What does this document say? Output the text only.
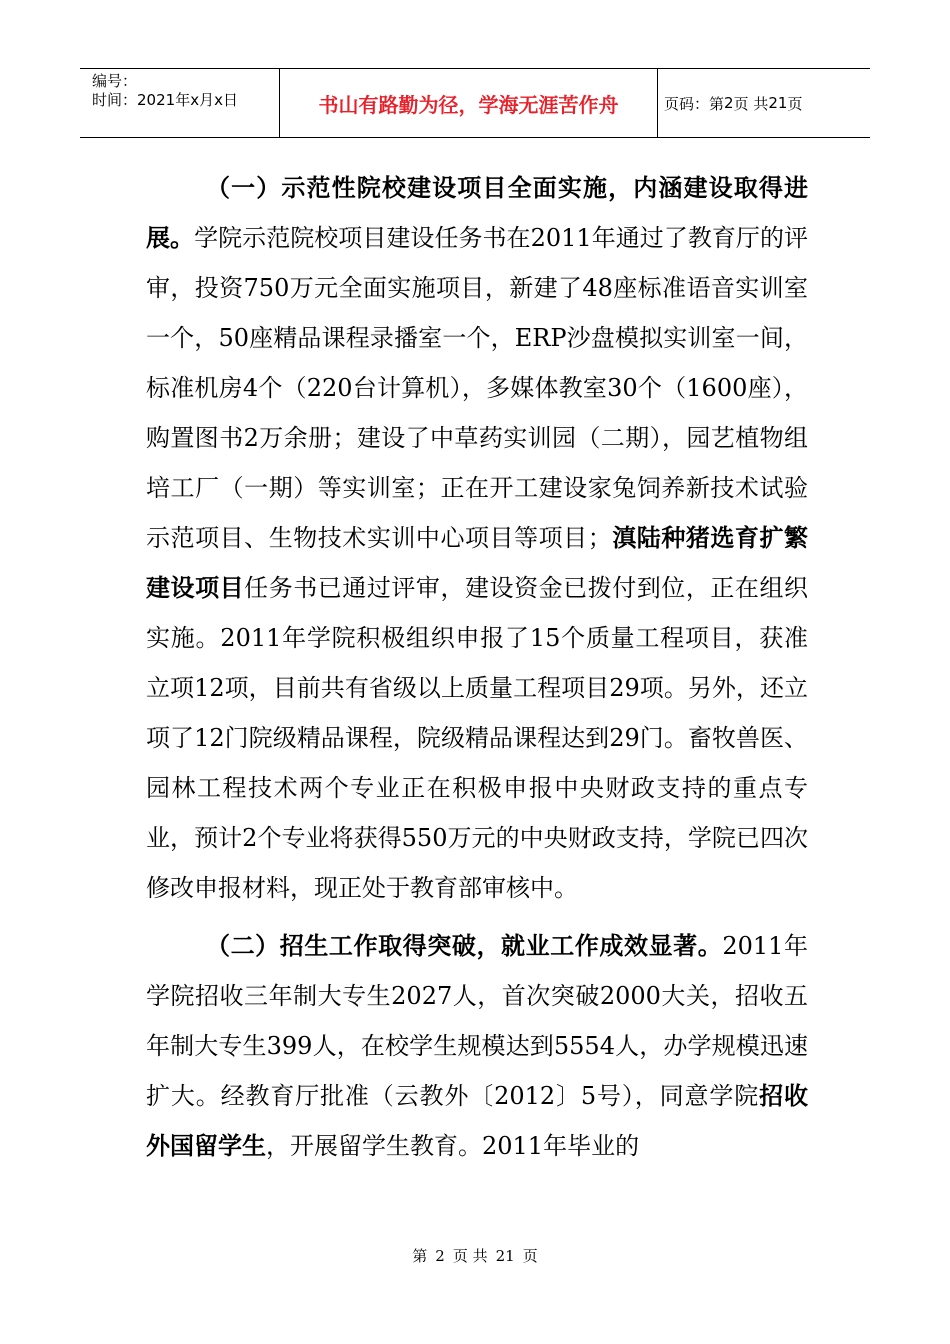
编号：
时间：2021年x月x日	书山有路勤为径，学海无涯苦作舟	页码： 第 2 页 共 21 页

（一）示范性院校建设项目全面实施，内涵建设取得进展。学院示范院校项目建设任务书在2011年通过了教育厅的评审，投资750万元全面实施项目，新建了48座标准语音实训室一个，50座精品课程录播室一个，ERP沙盘模拟实训室一间，标准机房4个（220台计算机），多媒体教室30个（1600座），购置图书2万余册；建设了中草药实训园（二期），园艺植物组培工厂（一期）等实训室；正在开工建设家兔饲养新技术试验示范项目、生物技术实训中心项目等项目；滇陆种猪选育扩繁建设项目任务书已通过评审，建设资金已拨付到位，正在组织实施。2011年学院积极组织申报了15个质量工程项目，获准立项12项，目前共有省级以上质量工程项目29项。另外，还立项了12门院级精品课程，院级精品课程达到29门。畜牧兽医、园林工程技术两个专业正在积极申报中央财政支持的重点专业，预计2个专业将获得550万元的中央财政支持，学院已四次修改申报材料，现正处于教育部审核中。

（二）招生工作取得突破，就业工作成效显著。2011年学院招收三年制大专生2027人，首次突破2000大关，招收五年制大专生399人，在校学生规模达到5554人，办学规模迅速扩大。经教育厅批准（云教外〔2012〕5号），同意学院招收外国留学生，开展留学生教育。2011年毕业的

第 2 页 共 21 页
